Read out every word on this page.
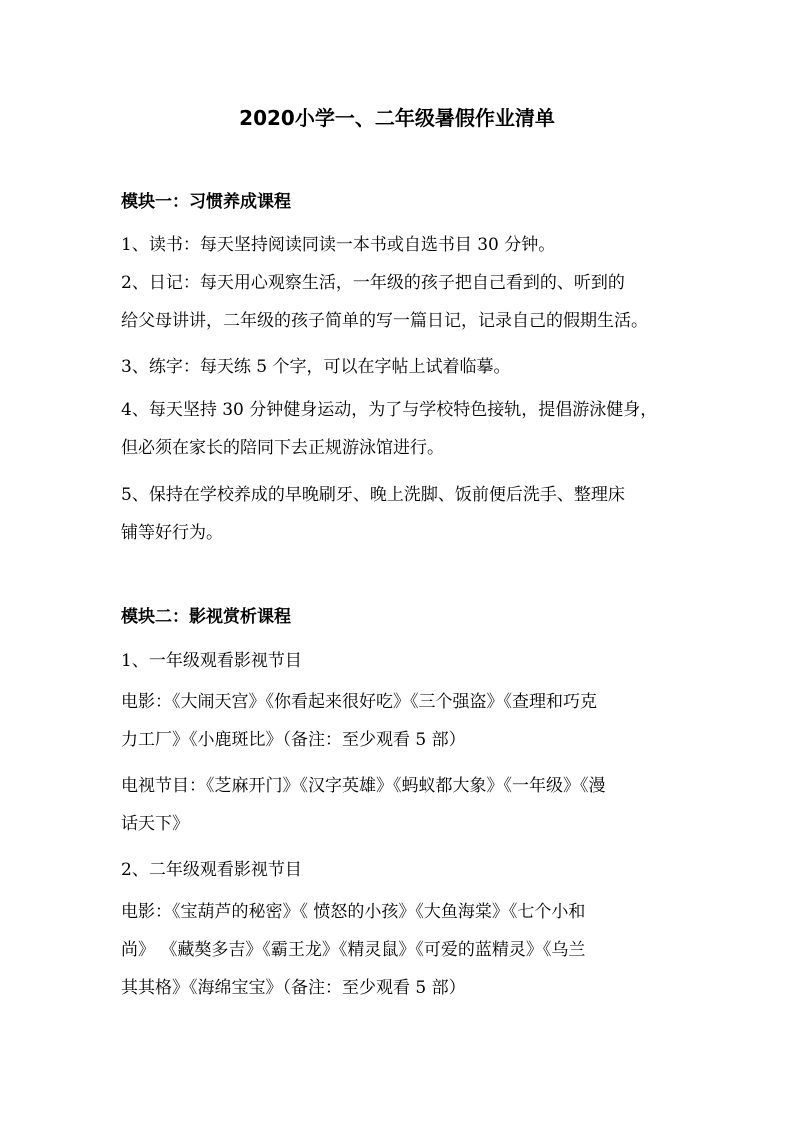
2020小学一、二年级暑假作业清单
模块一：习惯养成课程

1、读书：每天坚持阅读同读一本书或自选书目 30 分钟。

2、日记：每天用心观察生活，一年级的孩子把自己看到的、听到的
给父母讲讲，二年级的孩子简单的写一篇日记，记录自己的假期生活。

3、练字：每天练 5 个字，可以在字帖上试着临摹。

4、每天坚持 30 分钟健身运动，为了与学校特色接轨，提倡游泳健身，
但必须在家长的陪同下去正规游泳馆进行。

5、保持在学校养成的早晚刷牙、晚上洗脚、饭前便后洗手、整理床
铺等好行为。

模块二：影视赏析课程

1、一年级观看影视节目

电影：《大闹天宫》《你看起来很好吃》《三个强盗》《查理和巧克
力工厂》《小鹿斑比》（备注：至少观看 5 部）

电视节目：《芝麻开门》《汉字英雄》《蚂蚁都大象》《一年级》《漫
话天下》

2、二年级观看影视节目

电影：《宝葫芦的秘密》《 愤怒的小孩》《大鱼海棠》《七个小和
尚》 《藏獒多吉》《霸王龙》《精灵鼠》《可爱的蓝精灵》《乌兰
其其格》《海绵宝宝》（备注：至少观看 5 部）
